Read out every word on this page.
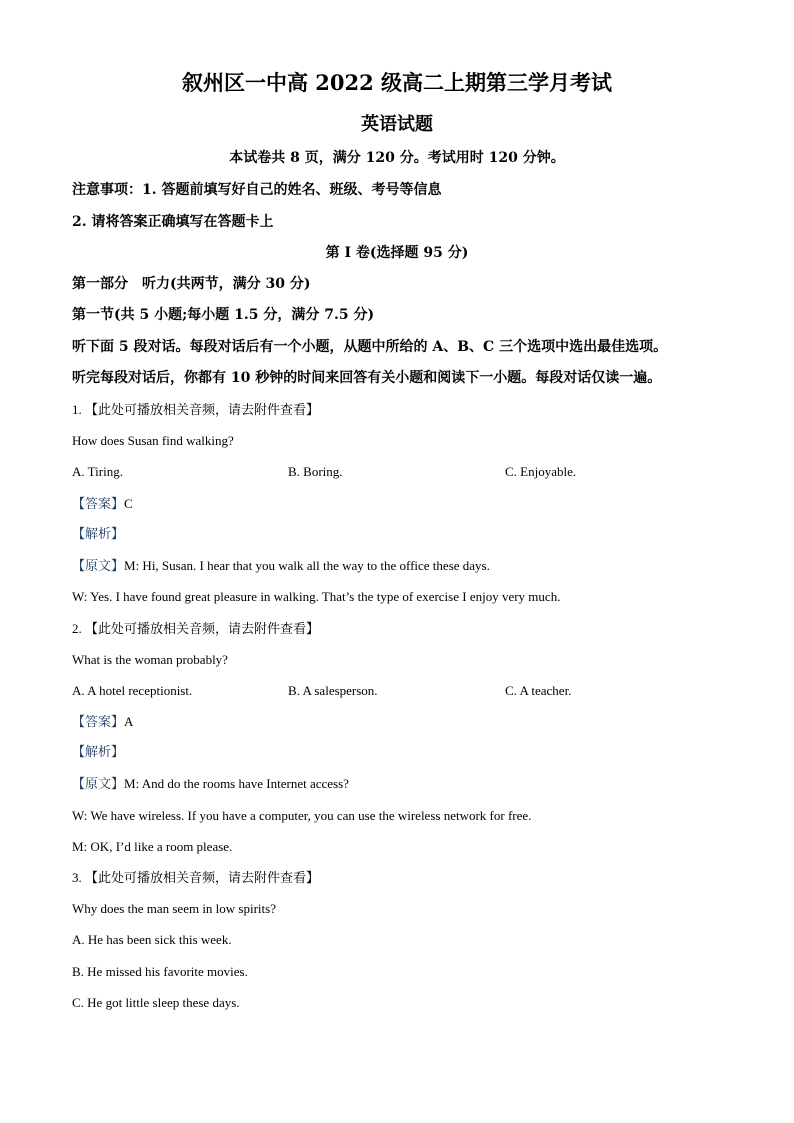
叙州区一中高 2022 级高二上期第三学月考试
英语试题
本试卷共 8 页，满分 120 分。考试用时 120 分钟。
注意事项：1. 答题前填写好自己的姓名、班级、考号等信息
2. 请将答案正确填写在答题卡上
第 I 卷(选择题 95 分)
第一部分　听力(共两节，满分 30 分)
第一节(共 5 小题;每小题 1.5 分，满分 7.5 分)
听下面 5 段对话。每段对话后有一个小题，从题中所给的 A、B、C 三个选项中选出最佳选项。
听完每段对话后，你都有 10 秒钟的时间来回答有关小题和阅读下一小题。每段对话仅读一遍。
1. 【此处可播放相关音频，请去附件查看】
How does Susan find walking?
A. Tiring.	B. Boring.	C. Enjoyable.
【答案】C
【解析】
【原文】M: Hi, Susan. I hear that you walk all the way to the office these days.
W: Yes. I have found great pleasure in walking. That’s the type of exercise I enjoy very much.
2. 【此处可播放相关音频，请去附件查看】
What is the woman probably?
A. A hotel receptionist.	B. A salesperson.	C. A teacher.
【答案】A
【解析】
【原文】M: And do the rooms have Internet access?
W: We have wireless. If you have a computer, you can use the wireless network for free.
M: OK, I’d like a room please.
3. 【此处可播放相关音频，请去附件查看】
Why does the man seem in low spirits?
A. He has been sick this week.
B. He missed his favorite movies.
C. He got little sleep these days.
